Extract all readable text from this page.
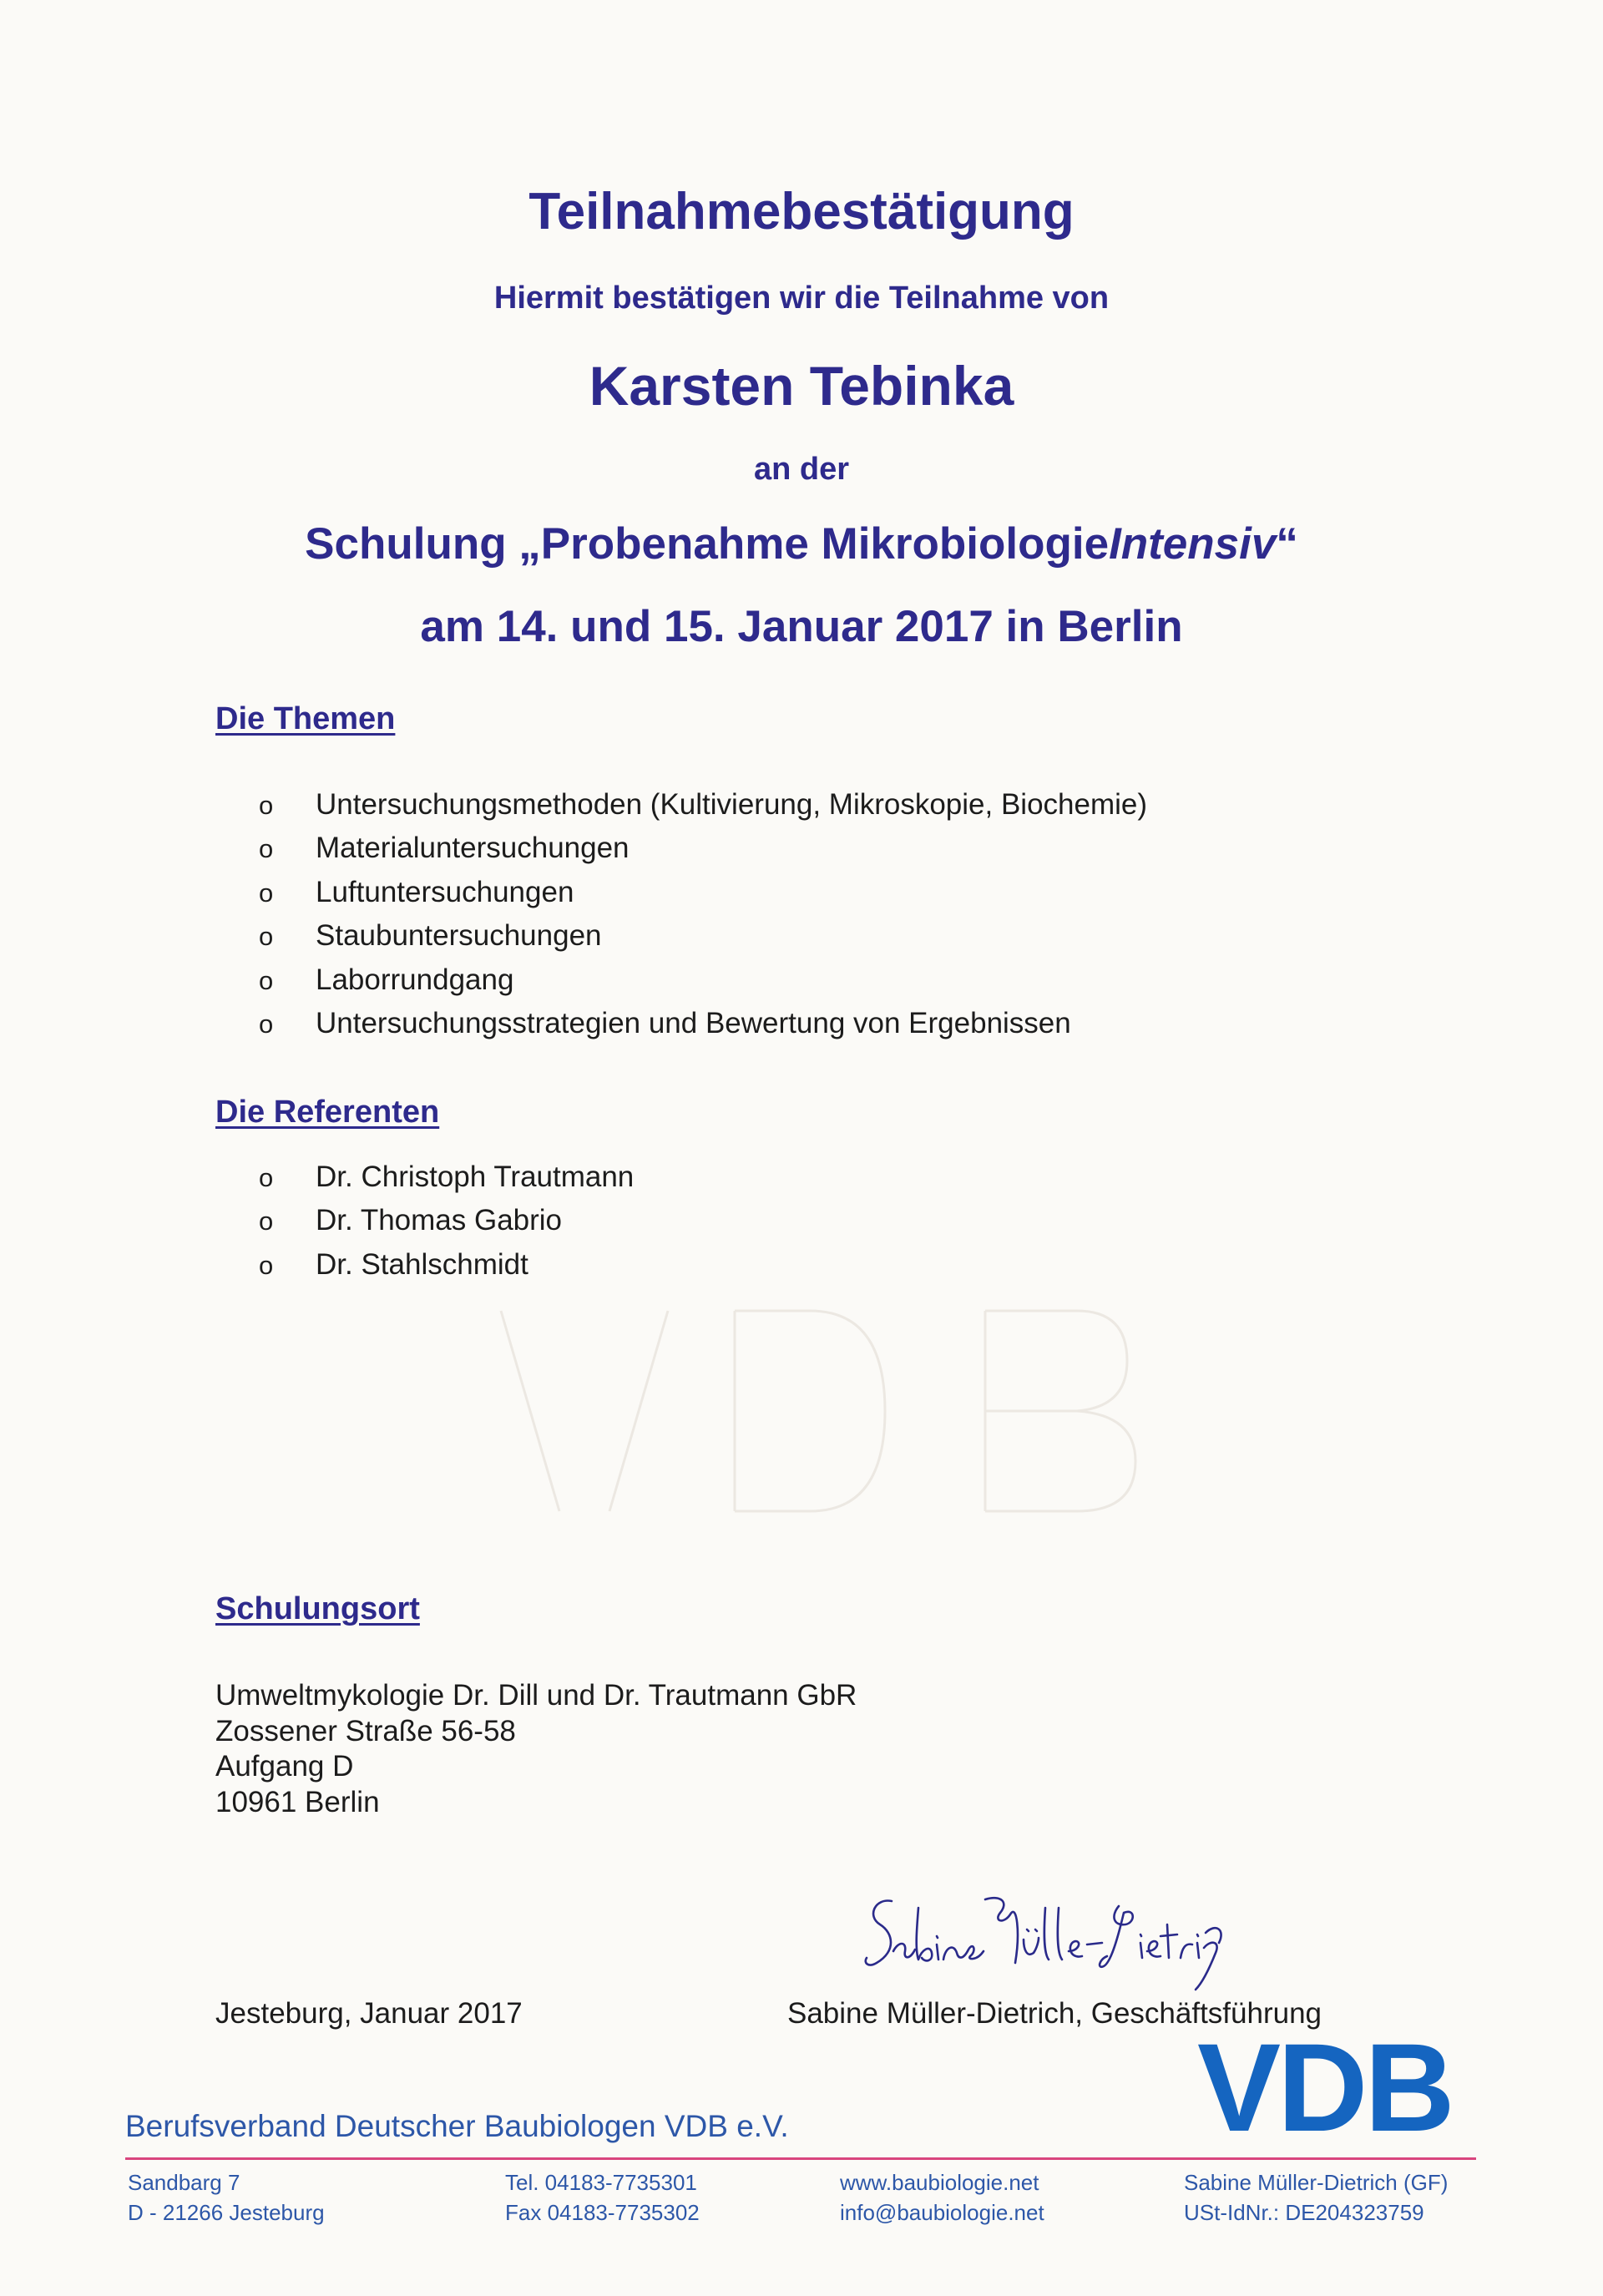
Teilnahmebestätigung
Hiermit bestätigen wir die Teilnahme von
Karsten Tebinka
an der
Schulung „Probenahme MikrobiologieIntensiv“
am 14. und 15. Januar 2017 in Berlin
Die Themen
o	Untersuchungsmethoden (Kultivierung, Mikroskopie, Biochemie)
o	Materialuntersuchungen
o	Luftuntersuchungen
o	Staubuntersuchungen
o	Laborrundgang
o	Untersuchungsstrategien und Bewertung von Ergebnissen
Die Referenten
o	Dr. Christoph Trautmann
o	Dr. Thomas Gabrio
o	Dr. Stahlschmidt
Schulungsort
Umweltmykologie Dr. Dill und Dr. Trautmann GbR
Zossener Straße 56-58
Aufgang D
10961 Berlin
Jesteburg, Januar 2017	Sabine Müller-Dietrich, Geschäftsführung
Berufsverband Deutscher Baubiologen VDB e.V.	VDB
Sandbarg 7
D - 21266 Jesteburg
Tel. 04183-7735301
Fax 04183-7735302
www.baubiologie.net
info@baubiologie.net
Sabine Müller-Dietrich (GF)
USt-IdNr.: DE204323759
